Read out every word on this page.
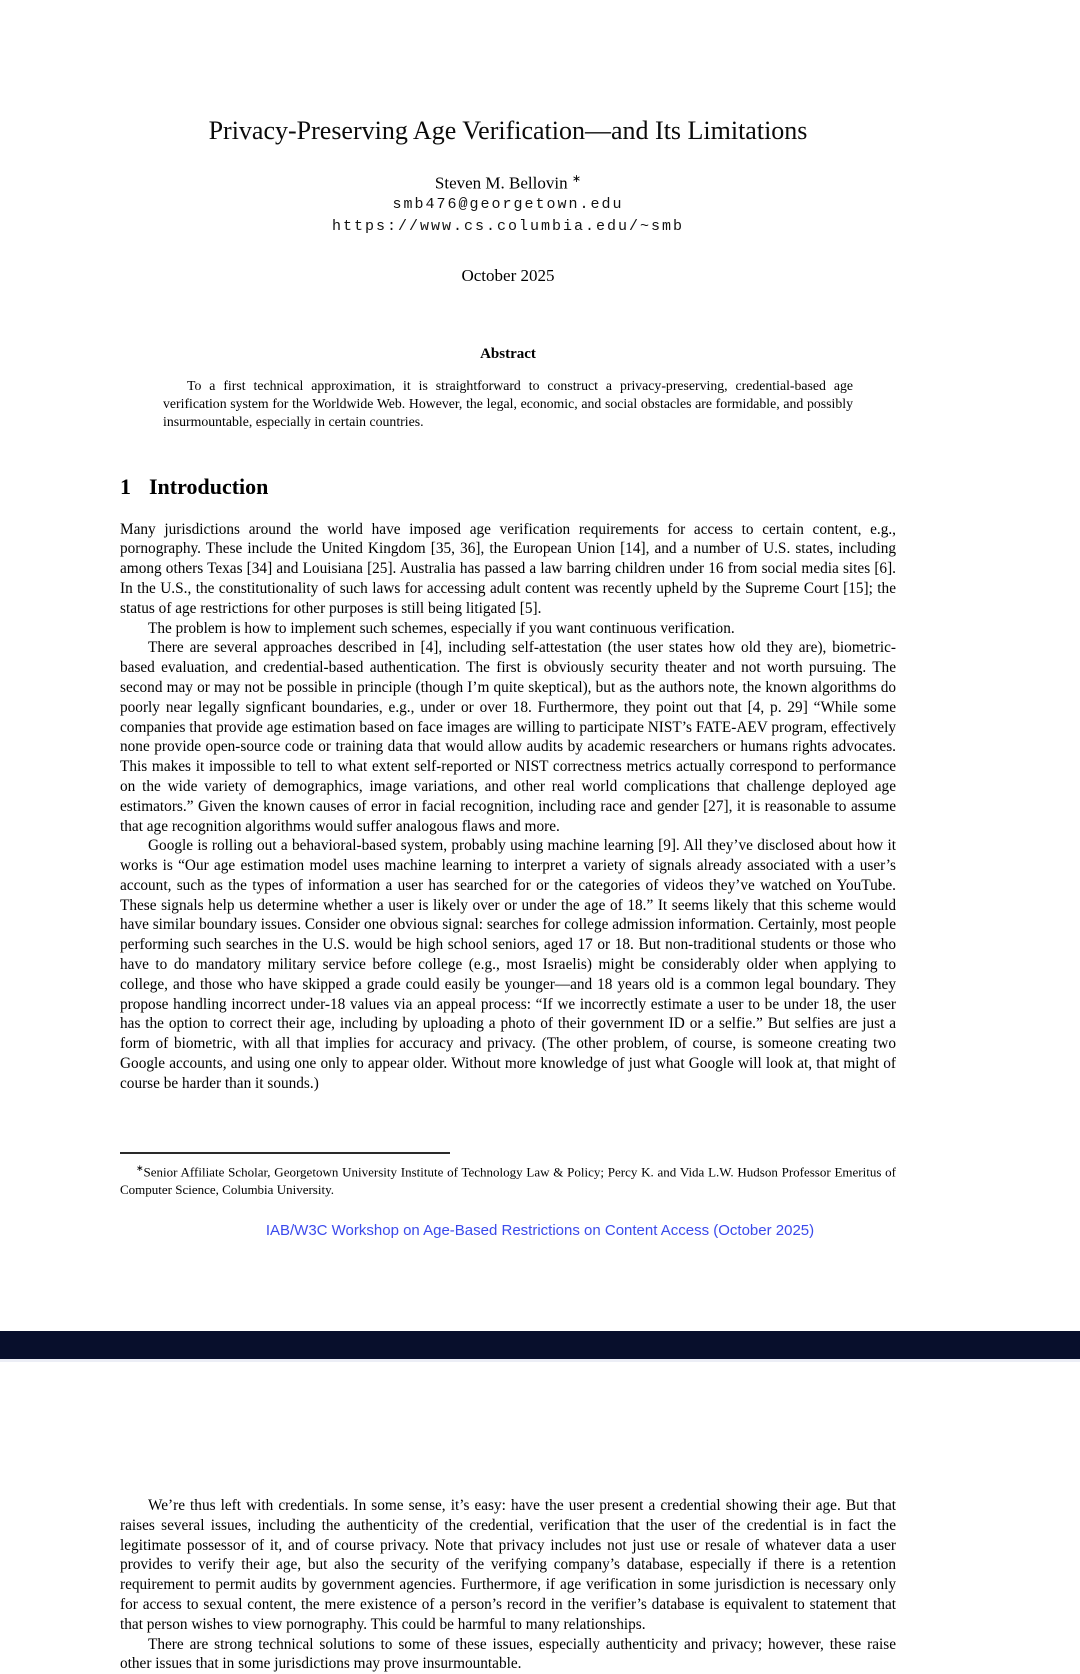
Privacy-Preserving Age Verification—and Its Limitations
Steven M. Bellovin ∗
smb476@georgetown.edu
https://www.cs.columbia.edu/~smb
October 2025
Abstract

To a first technical approximation, it is straightforward to construct a privacy-preserving, credential-based age verification system for the Worldwide Web. However, the legal, economic, and social obstacles are formidable, and possibly insurmountable, especially in certain countries.

1 Introduction

Many jurisdictions around the world have imposed age verification requirements for access to certain content, e.g., pornography. These include the United Kingdom [35, 36], the European Union [14], and a number of U.S. states, including among others Texas [34] and Louisiana [25]. Australia has passed a law barring children under 16 from social media sites [6]. In the U.S., the constitutionality of such laws for accessing adult content was recently upheld by the Supreme Court [15]; the status of age restrictions for other purposes is still being litigated [5].

The problem is how to implement such schemes, especially if you want continuous verification.

There are several approaches described in [4], including self-attestation (the user states how old they are), biometric-based evaluation, and credential-based authentication. The first is obviously security theater and not worth pursuing. The second may or may not be possible in principle (though I’m quite skeptical), but as the authors note, the known algorithms do poorly near legally signficant boundaries, e.g., under or over 18. Furthermore, they point out that [4, p. 29] “While some companies that provide age estimation based on face images are willing to participate NIST’s FATE-AEV program, effectively none provide open-source code or training data that would allow audits by academic researchers or humans rights advocates. This makes it impossible to tell to what extent self-reported or NIST correctness metrics actually correspond to performance on the wide variety of demographics, image variations, and other real world complications that challenge deployed age estimators.” Given the known causes of error in facial recognition, including race and gender [27], it is reasonable to assume that age recognition algorithms would suffer analogous flaws and more.

Google is rolling out a behavioral-based system, probably using machine learning [9]. All they’ve disclosed about how it works is “Our age estimation model uses machine learning to interpret a variety of signals already associated with a user’s account, such as the types of information a user has searched for or the categories of videos they’ve watched on YouTube. These signals help us determine whether a user is likely over or under the age of 18.” It seems likely that this scheme would have similar boundary issues. Consider one obvious signal: searches for college admission information. Certainly, most people performing such searches in the U.S. would be high school seniors, aged 17 or 18. But non-traditional students or those who have to do mandatory military service before college (e.g., most Israelis) might be considerably older when applying to college, and those who have skipped a grade could easily be younger—and 18 years old is a common legal boundary. They propose handling incorrect under-18 values via an appeal process: “If we incorrectly estimate a user to be under 18, the user has the option to correct their age, including by uploading a photo of their government ID or a selfie.” But selfies are just a form of biometric, with all that implies for accuracy and privacy. (The other problem, of course, is someone creating two Google accounts, and using one only to appear older. Without more knowledge of just what Google will look at, that might of course be harder than it sounds.)

∗Senior Affiliate Scholar, Georgetown University Institute of Technology Law & Policy; Percy K. and Vida L.W. Hudson Professor Emeritus of Computer Science, Columbia University.
IAB/W3C Workshop on Age-Based Restrictions on Content Access (October 2025)

We’re thus left with credentials. In some sense, it’s easy: have the user present a credential showing their age. But that raises several issues, including the authenticity of the credential, verification that the user of the credential is in fact the legitimate possessor of it, and of course privacy. Note that privacy includes not just use or resale of whatever data a user provides to verify their age, but also the security of the verifying company’s database, especially if there is a retention requirement to permit audits by government agencies. Furthermore, if age verification in some jurisdiction is necessary only for access to sexual content, the mere existence of a person’s record in the verifier’s database is equivalent to statement that that person wishes to view pornography. This could be harmful to many relationships.

There are strong technical solutions to some of these issues, especially authenticity and privacy; however, these raise other issues that in some jurisdictions may prove insurmountable.
